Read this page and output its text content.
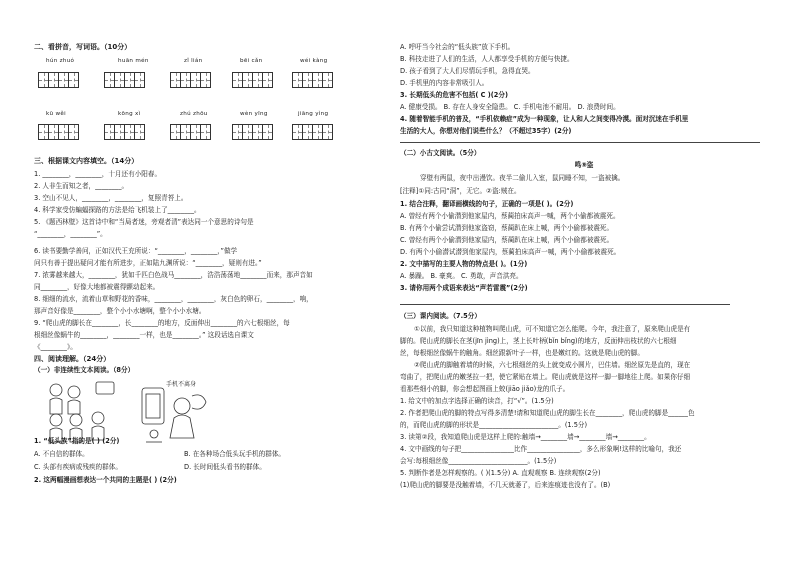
二、看拼音，写词语。（10分）
hún zhuó	huān mén	zǐ lián	bēi cǎn	wéi kàng
kū wěi	kōng xì	zhú zhōu	wèn yīng	jiāng yìng
三、根据课文内容填空。（14分）
1. ________，________，十月还有小阳春。
2. 人非生而知之者，________。
3. 空山不见人，________，________，复照青苔上。
4. 科学家受仿蝙蝠探路的方法是给飞机装上了________。
5. 《题西林壁》这首诗中和“当局者迷，旁观者清”表达同一个意思的诗句是
“________，________”。
6. 读书要勤学善问，正如汉代王充所说：“________，________，”做学
问只有善于提出疑问才能有所进步，正如陆九渊所说：“________，疑则有进。”
7. 浓雾越来越大，________，犹如千匹白色战马________，浩浩荡荡地________而来，那声音如
同________，好像大地都被震得颤动起来。
8. 细细的流水，流着山草和野花的香味，________，________，灰白色的卵石，________，响，
那声音好像是________，整个小小水塘啊，整个小小水塘。
9. “爬山虎的脚长在________，长________的地方，反面伸出________的六七根细丝，每
根细丝像蜗牛的________，________一样，也是________。” 这段话选自课文
《________》。
四、阅读理解。（24分）
（一）非连续性文本阅读。（8分）
手机不离身
1. “低头族”指的是( ) (2分)
A. 不自信的群体。	B. 在各种场合低头玩手机的群体。
C. 头部有疾病或残疾的群体。	D. 长时间低头看书的群体。
2. 这两幅漫画想表达一个共同的主题是( ) (2分)
A. 呼吁当今社会的“低头族”放下手机。
B. 科技走进了人们的生活，人人都享受手机的方便与快捷。
D. 孩子看到了大人们尽情玩手机，急得直哭。
D. 手机里的内容非常吸引人。
3. 长期低头的危害不包括( C )(2分)
A. 健康受损。 B. 存在人身安全隐患。 C. 手机电池不耐用。 D. 浪费时间。
4. 随着智能手机的普及，“手机依赖症”成为一种现象，让人和人之间变得冷漠。面对沉迷在手机里
生活的大人，你想对他们说些什么？（不超过35字）(2分)
（二）小古文阅读。（5分）
鸣⑨盗
穿壁有两鼠，夜中出漫饮。夜半二偷儿入室，鼠同睡不知，一盗被擒。
[注释]①同:古同“洞”，无它。②盗:贼在。
1. 结合注释，翻译画横线的句子，正确的一项是( )。(2分)
A. 曾经有两个小偷潜到他家屋内，蔡蔺拍床高声一喊，两个小偷都被震死。
B. 有两个小偷尝试潜到他家盗窃，蔡蔺趴在床上喊，两个小偷都被震死。
C. 曾经有两个小偷潜到他家屋内，蔡蔺趴在床上喊，两个小偷都被震死。
D. 有两个小偷潜试潜到他家屋内，蔡蔺拍床高声一喊，两个小偷都被震死。
2. 文中描写的主要人物的特点是( )。(1分)
A. 暴躁。 B. 豪爽。 C. 勇敢，声音洪亮。
3. 请你用两个成语来表达“声若雷震”(2分)
（三）课内阅读。（7.5分）
①以前，我只知道这种植物叫爬山虎，可不知道它怎么能爬。今年，我注意了，原来爬山虎是有
脚的。爬山虎的脚长在茎(jīn jìng)上，茎上长叶柄(bǐn bǐng)的地方，反面伸出枝状的六七根细
丝，每根细丝像蜗牛的触角。细丝跟新叶子一样，也是嫩红的。这就是爬山虎的脚。
②爬山虎的脚触着墙的时候，六七根细丝的头上就变成小圆片，巴住墙。细丝原先是直的，现在
弯曲了，把爬山虎的嫩茎拉一把，使它紧贴在墙上。爬山虎就是这样一脚一脚地往上爬。如果你仔细
看那些细小的脚，你会想起图画上蛟(jiāo jiǎo)龙的爪子。
1. 给文中的加点字选择正确的读音，打“√”。(1.5分)
2. 作者把爬山虎的脚的特点写得多清楚!请和知道爬山虎的脚生长在________，爬山虎的脚是______色
的，而爬山虎的脚的形状是________________________。(1.5分)
3. 读第②段，我知道爬山虎是这样上爬的:触墙→________墙→________墙→________。
4. 文中画线的句子把________________比作________________，多么形象啊!这样的比喻句，我还
会写:每根细丝像________________________。(1.5分)
5. 判断作者是怎样观察的。( )(1.5分) A. 直观观察 B. 连续观察(2分)
(1)爬山虎的脚要是没触着墙，不几天就萎了，后来连痕迹也没有了。(B)
